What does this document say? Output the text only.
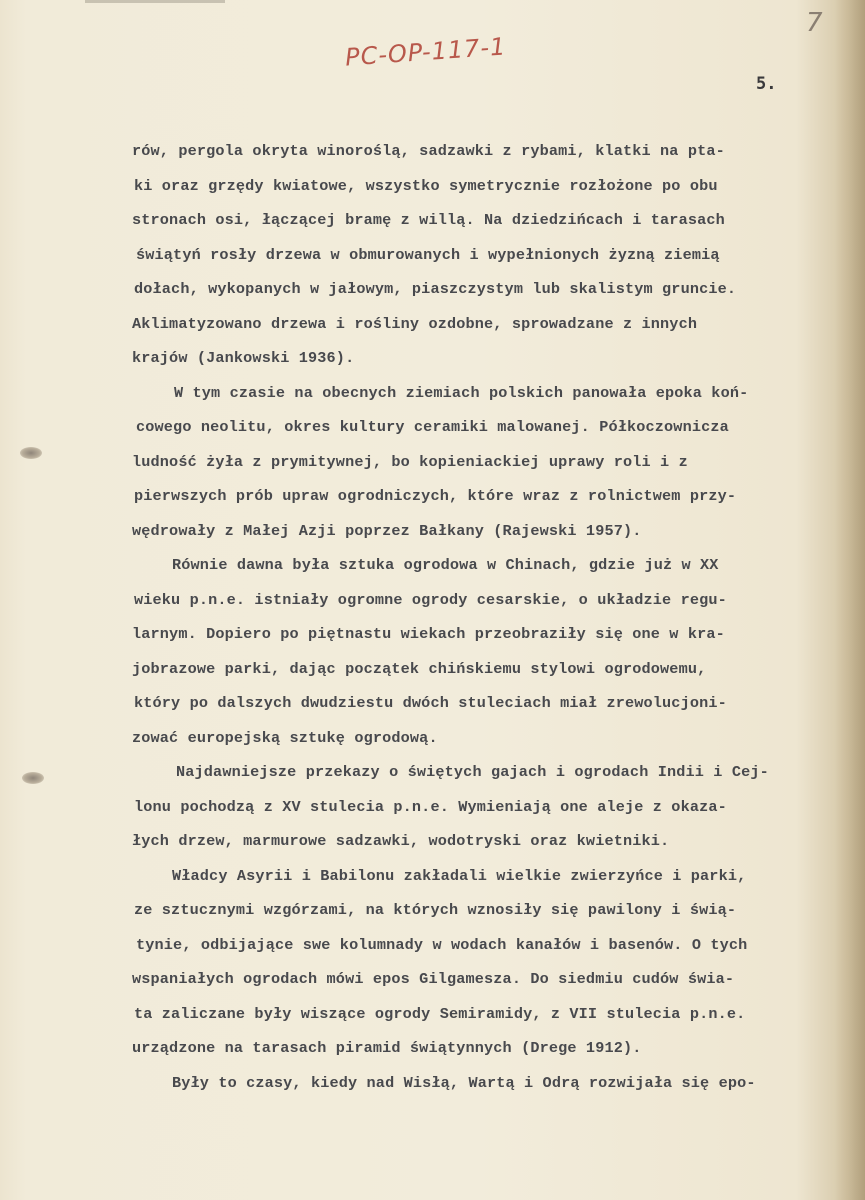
PC-OP-117-1
7
5.
rów, pergola okryta winoroślą, sadzawki z rybami, klatki na pta-
ki oraz grzędy kwiatowe, wszystko symetrycznie rozłożone po obu
stronach osi, łączącej bramę z willą. Na dziedzińcach i tarasach
świątyń rosły drzewa w obmurowanych i wypełnionych żyzną ziemią
dołach, wykopanych w jałowym, piaszczystym lub skalistym gruncie.
Aklimatyzowano drzewa i rośliny ozdobne, sprowadzane z innych
krajów (Jankowski 1936).
W tym czasie na obecnych ziemiach polskich panowała epoka koń-
cowego neolitu, okres kultury ceramiki malowanej. Półkoczownicza
ludność żyła z prymitywnej, bo kopieniackiej uprawy roli i z
pierwszych prób upraw ogrodniczych, które wraz z rolnictwem przy-
wędrowały z Małej Azji poprzez Bałkany (Rajewski 1957).
Równie dawna była sztuka ogrodowa w Chinach, gdzie już w XX
wieku p.n.e. istniały ogromne ogrody cesarskie, o układzie regu-
larnym. Dopiero po piętnastu wiekach przeobraziły się one w kra-
jobrazowe parki, dając początek chińskiemu stylowi ogrodowemu,
który po dalszych dwudziestu dwóch stuleciach miał zrewolucjoni-
zować europejską sztukę ogrodową.
Najdawniejsze przekazy o świętych gajach i ogrodach Indii i Cej-
lonu pochodzą z XV stulecia p.n.e. Wymieniają one aleje z okaza-
łych drzew, marmurowe sadzawki, wodotryski oraz kwietniki.
Władcy Asyrii i Babilonu zakładali wielkie zwierzyńce i parki,
ze sztucznymi wzgórzami, na których wznosiły się pawilony i świą-
tynie, odbijające swe kolumnady w wodach kanałów i basenów. O tych
wspaniałych ogrodach mówi epos Gilgamesza. Do siedmiu cudów świa-
ta zaliczane były wiszące ogrody Semiramidy, z VII stulecia p.n.e.
urządzone na tarasach piramid świątynnych (Drege 1912).
Były to czasy, kiedy nad Wisłą, Wartą i Odrą rozwijała się epo-
